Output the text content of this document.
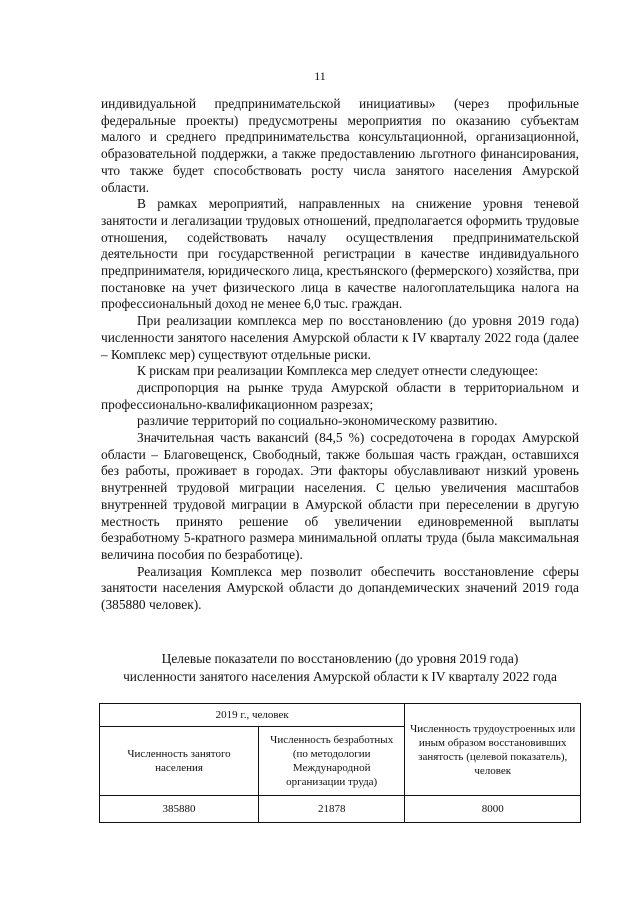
11

индивидуальной предпринимательской инициативы» (через профильные федеральные проекты) предусмотрены мероприятия по оказанию субъектам малого и среднего предпринимательства консультационной, организационной, образовательной поддержки, а также предоставлению льготного финансирования, что также будет способствовать росту числа занятого населения Амурской области.

В рамках мероприятий, направленных на снижение уровня теневой занятости и легализации трудовых отношений, предполагается оформить трудовые отношения, содействовать началу осуществления предпринимательской деятельности при государственной регистрации в качестве индивидуального предпринимателя, юридического лица, крестьянского (фермерского) хозяйства, при постановке на учет физического лица в качестве налогоплательщика налога на профессиональный доход не менее 6,0 тыс. граждан.

При реализации комплекса мер по восстановлению (до уровня 2019 года) численности занятого населения Амурской области к IV кварталу 2022 года (далее – Комплекс мер) существуют отдельные риски.

К рискам при реализации Комплекса мер следует отнести следующее:

диспропорция на рынке труда Амурской области в территориальном и профессионально-квалификационном разрезах;

различие территорий по социально-экономическому развитию.

Значительная часть вакансий (84,5 %) сосредоточена в городах Амурской области – Благовещенск, Свободный, также большая часть граждан, оставшихся без работы, проживает в городах. Эти факторы обуславливают низкий уровень внутренней трудовой миграции населения. С целью увеличения масштабов внутренней трудовой миграции в Амурской области при переселении в другую местность принято решение об увеличении единовременной выплаты безработному 5-кратного размера минимальной оплаты труда (была максимальная величина пособия по безработице).

Реализация Комплекса мер позволит обеспечить восстановление сферы занятости населения Амурской области до допандемических значений 2019 года (385880 человек).

Целевые показатели по восстановлению (до уровня 2019 года)
численности занятого населения Амурской области к IV кварталу 2022 года
2019 г., человек		Численность трудоустроенных или иным образом восстановивших занятость (целевой показатель), человек
Численность занятого населения	Численность безработных (по методологии Международной организации труда)	
385880	21878	8000
